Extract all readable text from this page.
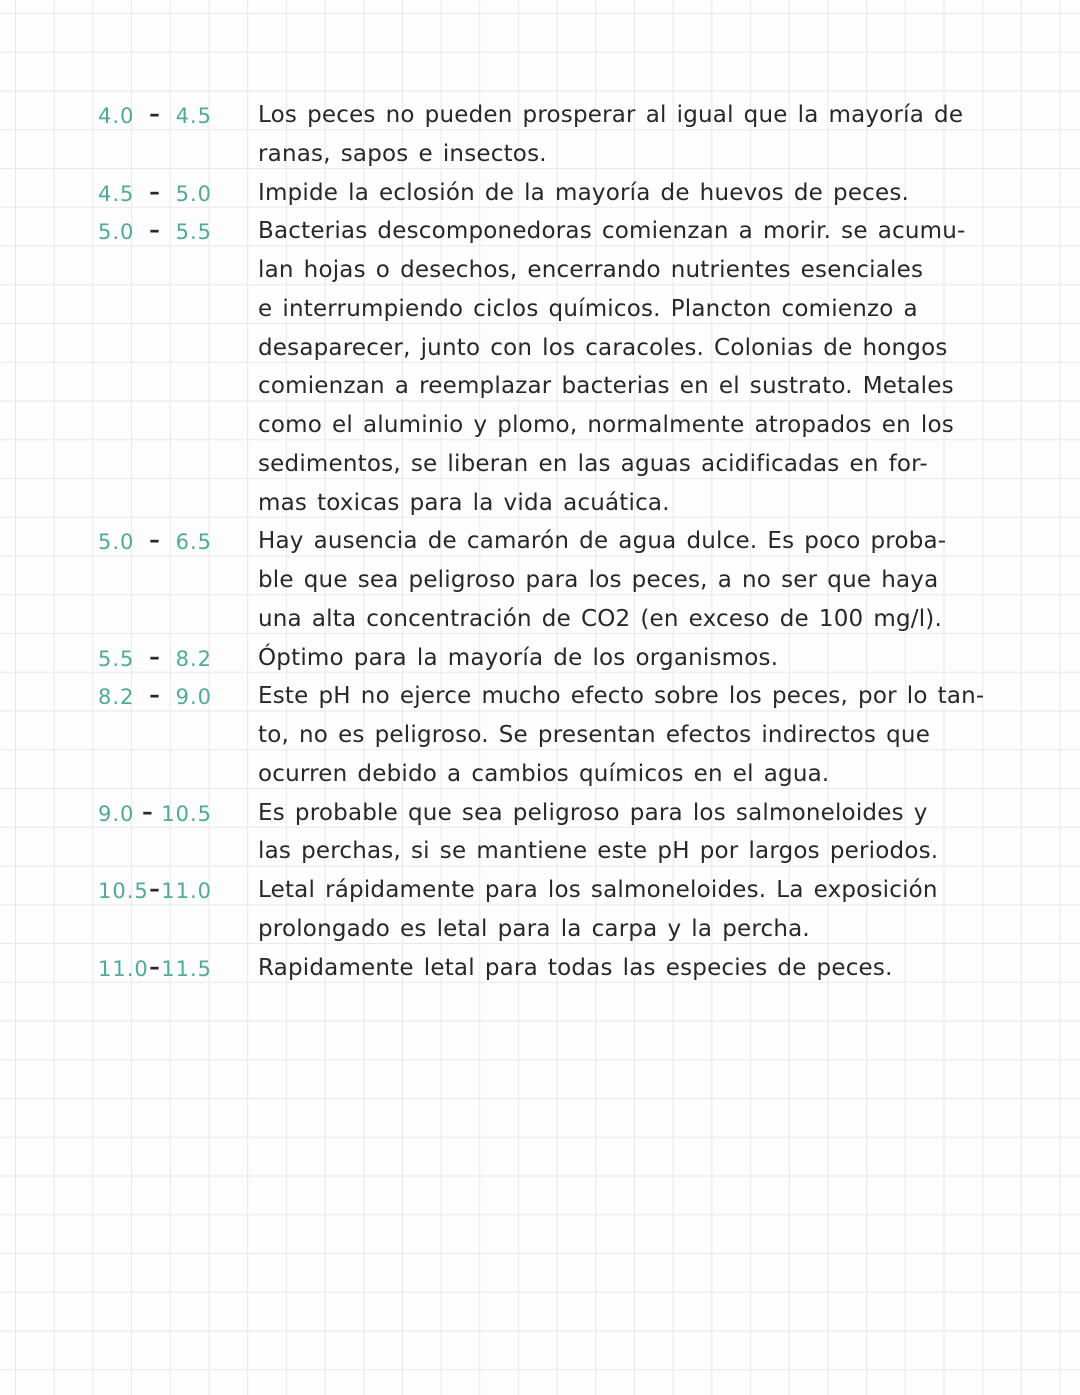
4.0 – 4.5 Los peces no pueden prosperar al igual que la mayoría de
ranas, sapos e insectos.
4.5 – 5.0 Impide la eclosión de la mayoría de huevos de peces.
5.0 – 5.5 Bacterias descomponedoras comienzan a morir. se acumu-
lan hojas o desechos, encerrando nutrientes esenciales
e interrumpiendo ciclos químicos. Plancton comienzo a
desaparecer, junto con los caracoles. Colonias de hongos
comienzan a reemplazar bacterias en el sustrato. Metales
como el aluminio y plomo, normalmente atropados en los
sedimentos, se liberan en las aguas acidificadas en for-
mas toxicas para la vida acuática.
5.0 – 6.5 Hay ausencia de camarón de agua dulce. Es poco proba-
ble que sea peligroso para los peces, a no ser que haya
una alta concentración de CO2 (en exceso de 100 mg/l).
5.5 – 8.2 Óptimo para la mayoría de los organismos.
8.2 – 9.0 Este pH no ejerce mucho efecto sobre los peces, por lo tan-
to, no es peligroso. Se presentan efectos indirectos que
ocurren debido a cambios químicos en el agua.
9.0 – 10.5 Es probable que sea peligroso para los salmoneloides y
las perchas, si se mantiene este pH por largos periodos.
10.5 – 11.0 Letal rápidamente para los salmoneloides. La exposición
prolongado es letal para la carpa y la percha.
11.0 – 11.5 Rapidamente letal para todas las especies de peces.
